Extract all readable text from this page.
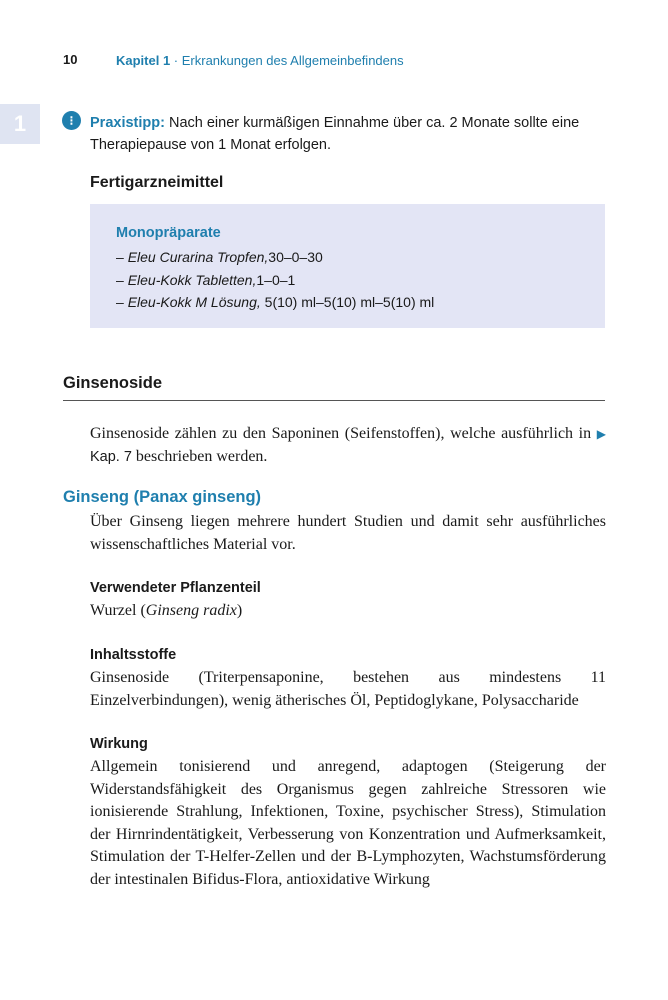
10	Kapitel 1 · Erkrankungen des Allgemeinbefindens
1	⁝	Praxistipp: Nach einer kurmäßigen Einnahme über ca. 2 Monate sollte eine Therapiepause von 1 Monat erfolgen.
Fertigarzneimittel
Monopräparate
– Eleu Curarina Tropfen,30–0–30
– Eleu-Kokk Tabletten,1–0–1
– Eleu-Kokk M Lösung, 5(10) ml–5(10) ml–5(10) ml
Ginsenoside
Ginsenoside zählen zu den Saponinen (Seifenstoffen), welche ausführlich in ▶ Kap. 7 beschrieben werden.
Ginseng (Panax ginseng)
Über Ginseng liegen mehrere hundert Studien und damit sehr ausführliches wissenschaftliches Material vor.
Verwendeter Pflanzenteil
Wurzel (Ginseng radix)
Inhaltsstoffe
Ginsenoside (Triterpensaponine, bestehen aus mindestens 11 Einzelverbindungen), wenig ätherisches Öl, Peptidoglykane, Polysaccharide
Wirkung
Allgemein tonisierend und anregend, adaptogen (Steigerung der Widerstandsfähigkeit des Organismus gegen zahlreiche Stressoren wie ionisierende Strahlung, Infektionen, Toxine, psychischer Stress), Stimulation der Hirnrindentätigkeit, Verbesserung von Konzentration und Aufmerksamkeit, Stimulation der T-Helfer-Zellen und der B-Lymphozyten, Wachstumsförderung der intestinalen Bifidus-Flora, antioxidative Wirkung
